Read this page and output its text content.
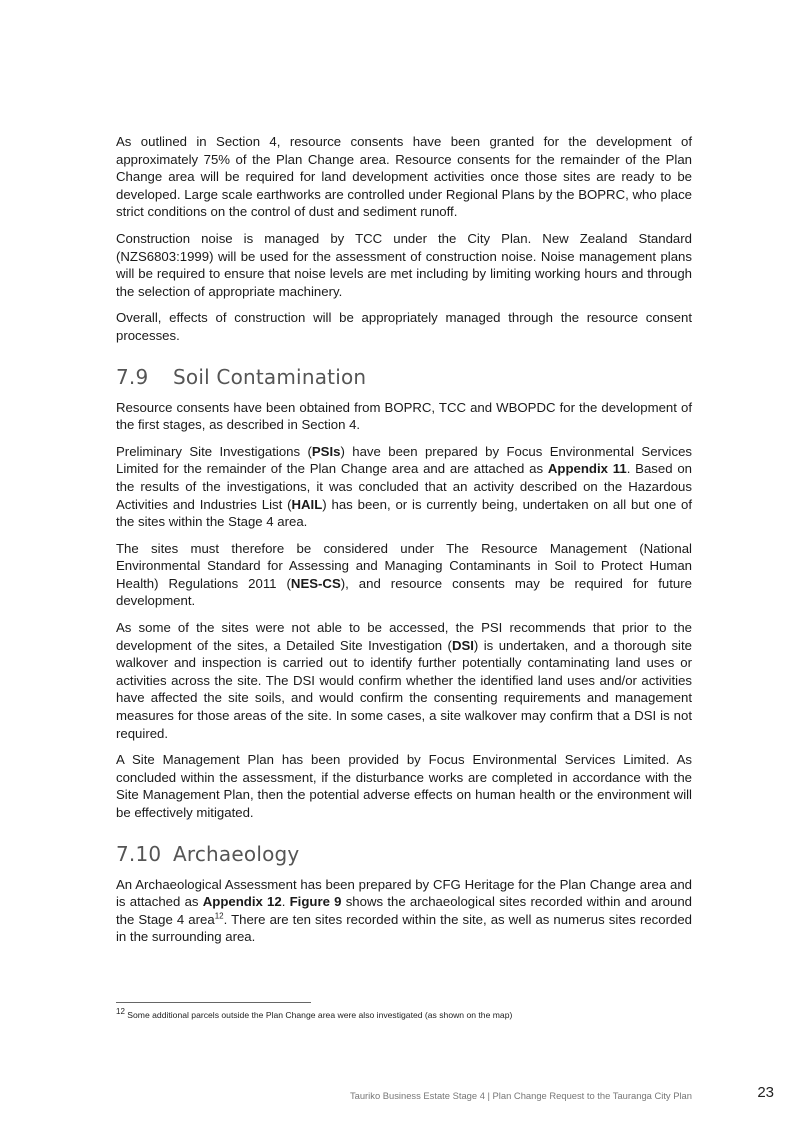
As outlined in Section 4, resource consents have been granted for the development of approximately 75% of the Plan Change area. Resource consents for the remainder of the Plan Change area will be required for land development activities once those sites are ready to be developed. Large scale earthworks are controlled under Regional Plans by the BOPRC, who place strict conditions on the control of dust and sediment runoff.

Construction noise is managed by TCC under the City Plan. New Zealand Standard (NZS6803:1999) will be used for the assessment of construction noise. Noise management plans will be required to ensure that noise levels are met including by limiting working hours and through the selection of appropriate machinery.

Overall, effects of construction will be appropriately managed through the resource consent processes.

7.9 Soil Contamination

Resource consents have been obtained from BOPRC, TCC and WBOPDC for the development of the first stages, as described in Section 4.

Preliminary Site Investigations (PSIs) have been prepared by Focus Environmental Services Limited for the remainder of the Plan Change area and are attached as Appendix 11. Based on the results of the investigations, it was concluded that an activity described on the Hazardous Activities and Industries List (HAIL) has been, or is currently being, undertaken on all but one of the sites within the Stage 4 area.

The sites must therefore be considered under The Resource Management (National Environmental Standard for Assessing and Managing Contaminants in Soil to Protect Human Health) Regulations 2011 (NES-CS), and resource consents may be required for future development.

As some of the sites were not able to be accessed, the PSI recommends that prior to the development of the sites, a Detailed Site Investigation (DSI) is undertaken, and a thorough site walkover and inspection is carried out to identify further potentially contaminating land uses or activities across the site. The DSI would confirm whether the identified land uses and/or activities have affected the site soils, and would confirm the consenting requirements and management measures for those areas of the site. In some cases, a site walkover may confirm that a DSI is not required.

A Site Management Plan has been provided by Focus Environmental Services Limited. As concluded within the assessment, if the disturbance works are completed in accordance with the Site Management Plan, then the potential adverse effects on human health or the environment will be effectively mitigated.

7.10 Archaeology

An Archaeological Assessment has been prepared by CFG Heritage for the Plan Change area and is attached as Appendix 12. Figure 9 shows the archaeological sites recorded within and around the Stage 4 area$^{12}$. There are ten sites recorded within the site, as well as numerus sites recorded in the surrounding area.

$^{12}$ Some additional parcels outside the Plan Change area were also investigated (as shown on the map)
Tauriko Business Estate Stage 4 | Plan Change Request to the Tauranga City Plan	23
